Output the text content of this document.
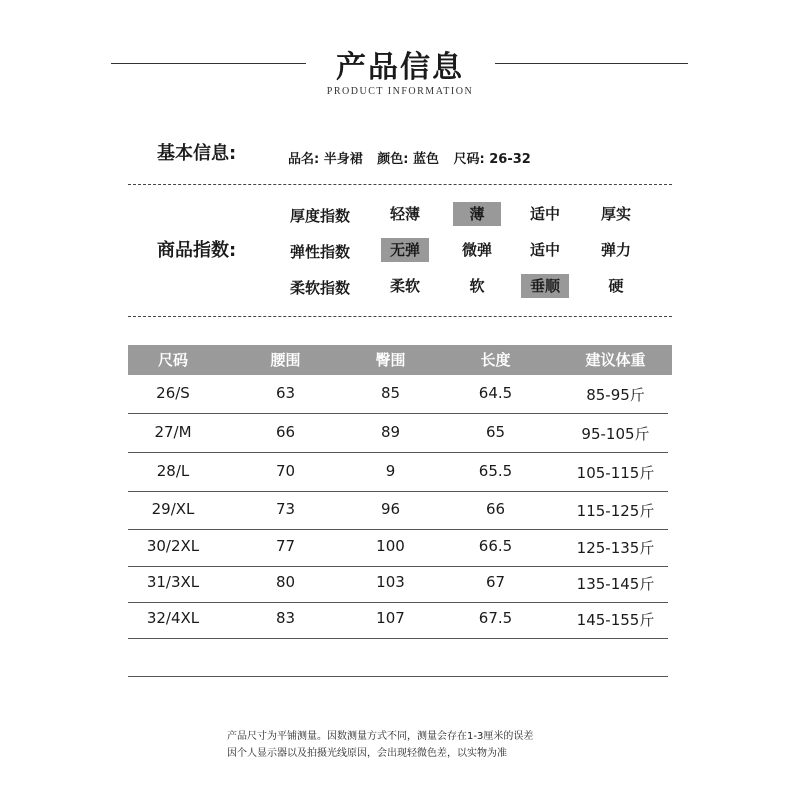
产品信息
PRODUCT INFORMATION
基本信息:	品名: 半身裙 颜色: 蓝色 尺码: 26-32
商品指数:
厚度指数	轻薄	薄	适中	厚实
弹性指数	无弹	微弹	适中	弹力
柔软指数	柔软	软	垂顺	硬
尺码	腰围	臀围	长度	建议体重
26/S	63	85	64.5	85-95斤
27/M	66	89	65	95-105斤
28/L	70	9	65.5	105-115斤
29/XL	73	96	66	115-125斤
30/2XL	77	100	66.5	125-135斤
31/3XL	80	103	67	135-145斤
32/4XL	83	107	67.5	145-155斤
产品尺寸为平铺测量。因数测量方式不同，测量会存在1-3厘米的误差
因个人显示器以及拍摄光线原因，会出现轻微色差，以实物为准
